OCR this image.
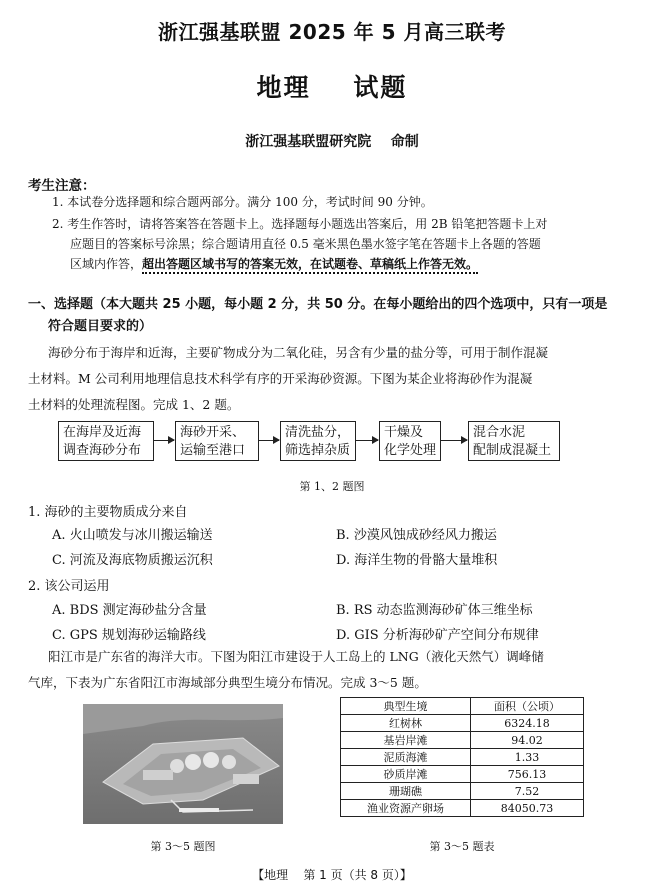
浙江强基联盟 2025 年 5 月高三联考
地理    试题
浙江强基联盟研究院    命制
考生注意：
1. 本试卷分选择题和综合题两部分。满分 100 分，考试时间 90 分钟。
2. 考生作答时，请将答案答在答题卡上。选择题每小题选出答案后，用 2B 铅笔把答题卡上对
应题目的答案标号涂黑；综合题请用直径 0.5 毫米黑色墨水签字笔在答题卡上各题的答题
区域内作答，超出答题区域书写的答案无效，在试题卷、草稿纸上作答无效。
一、选择题（本大题共 25 小题，每小题 2 分，共 50 分。在每小题给出的四个选项中，只有一项是
符合题目要求的）
海砂分布于海岸和近海，主要矿物成分为二氧化硅，另含有少量的盐分等，可用于制作混凝
土材料。M 公司利用地理信息技术科学有序的开采海砂资源。下图为某企业将海砂作为混凝
土材料的处理流程图。完成 1、2 题。
在海岸及近海
调查海砂分布
海砂开采、
运输至港口
清洗盐分，
筛选掉杂质
干燥及
化学处理
混合水泥
配制成混凝土
第 1、2 题图
1. 海砂的主要物质成分来自
A. 火山喷发与冰川搬运输送	B. 沙漠风蚀成砂经风力搬运
C. 河流及海底物质搬运沉积	D. 海洋生物的骨骼大量堆积
2. 该公司运用
A. BDS 测定海砂盐分含量	B. RS 动态监测海砂矿体三维坐标
C. GPS 规划海砂运输路线	D. GIS 分析海砂矿产空间分布规律
阳江市是广东省的海洋大市。下图为阳江市建设于人工岛上的 LNG（液化天然气）调峰储
气库，下表为广东省阳江市海域部分典型生境分布情况。完成 3～5 题。
第 3～5 题图
典型生境	面积（公顷）
红树林	6324.18
基岩岸滩	94.02
泥质海滩	1.33
砂质岸滩	756.13
珊瑚礁	7.52
渔业资源产卵场	84050.73
第 3～5 题表
【地理    第 1 页（共 8 页）】
